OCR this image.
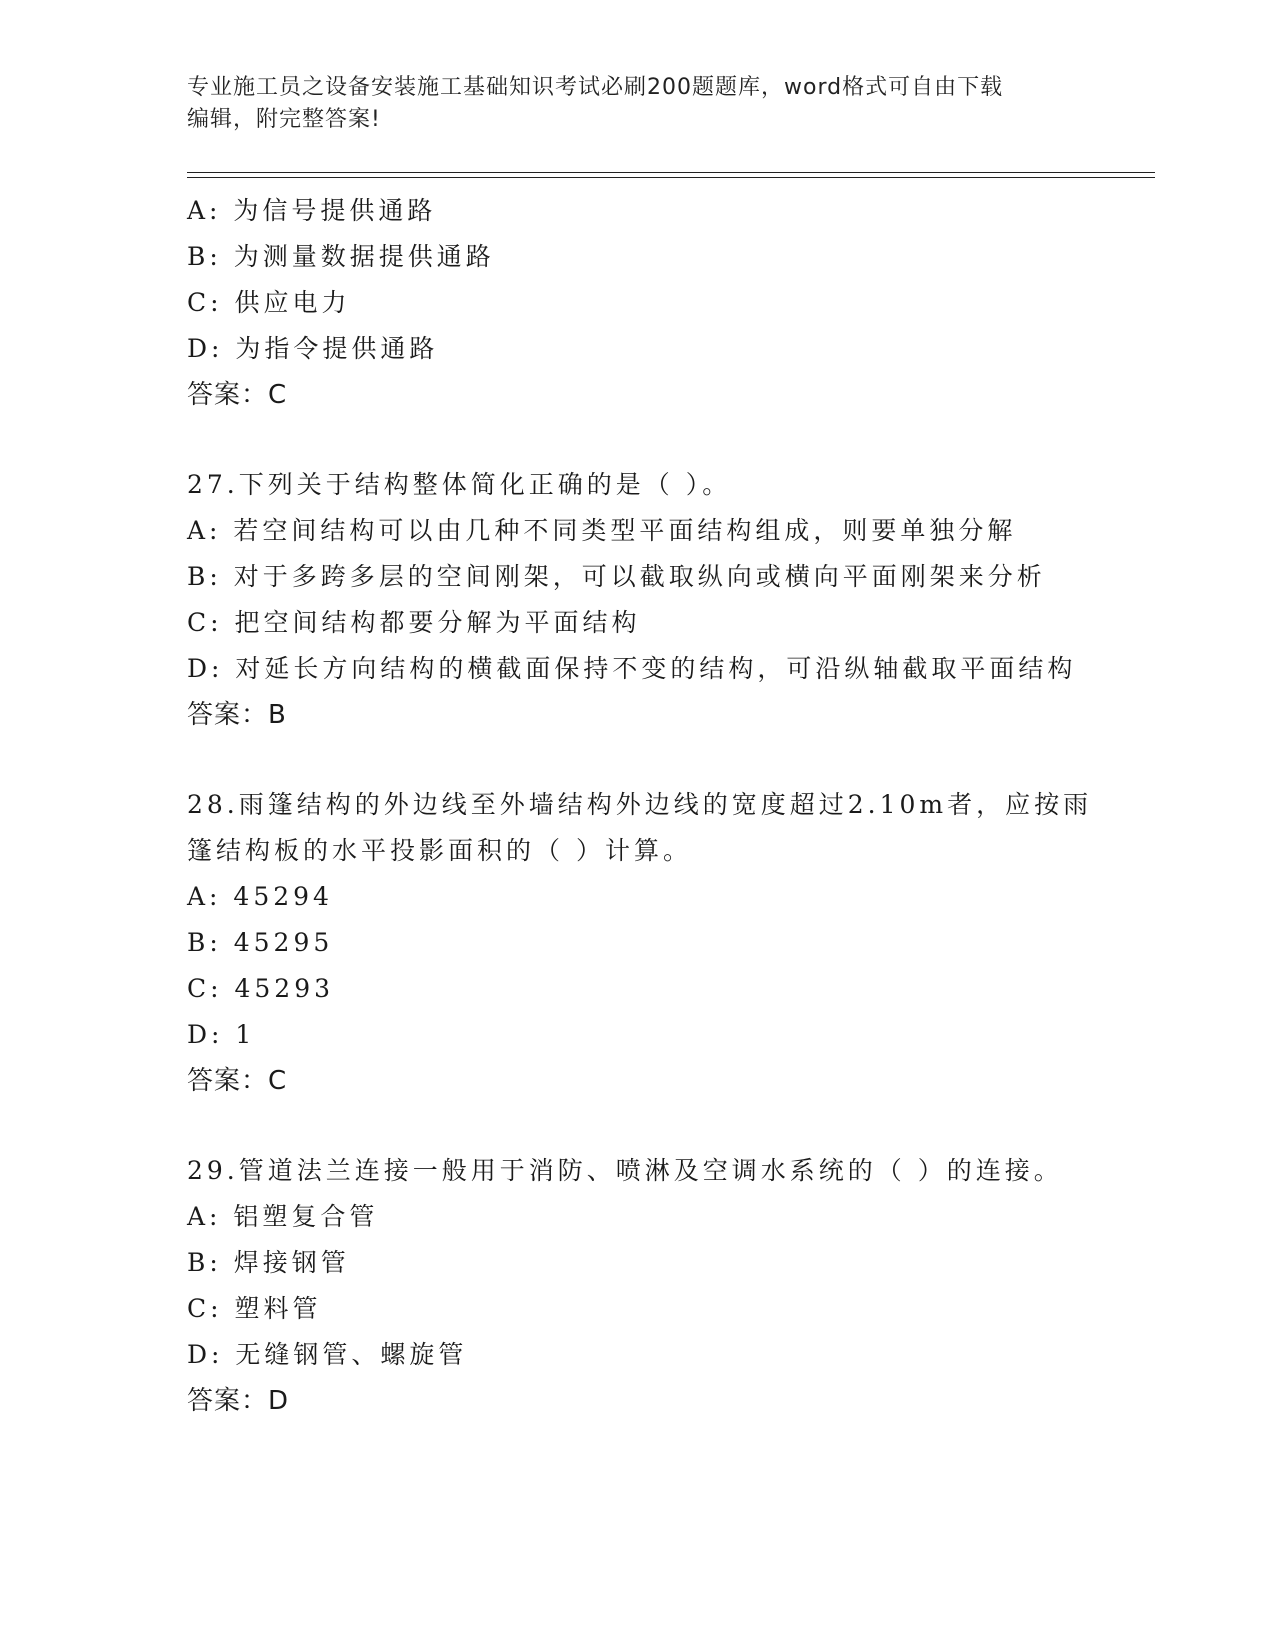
专业施工员之设备安装施工基础知识考试必刷200题题库，word格式可自由下载
编辑，附完整答案!
A: 为信号提供通路
B: 为测量数据提供通路
C: 供应电力
D: 为指令提供通路
答案：C
27.下列关于结构整体简化正确的是（ ）。
A: 若空间结构可以由几种不同类型平面结构组成，则要单独分解
B: 对于多跨多层的空间刚架，可以截取纵向或横向平面刚架来分析
C: 把空间结构都要分解为平面结构
D: 对延长方向结构的横截面保持不变的结构，可沿纵轴截取平面结构
答案：B
28.雨篷结构的外边线至外墙结构外边线的宽度超过2.10m者，应按雨
篷结构板的水平投影面积的（ ）计算。
A: 45294
B: 45295
C: 45293
D: 1
答案：C
29.管道法兰连接一般用于消防、喷淋及空调水系统的（ ）的连接。
A: 铝塑复合管
B: 焊接钢管
C: 塑料管
D: 无缝钢管、螺旋管
答案：D
